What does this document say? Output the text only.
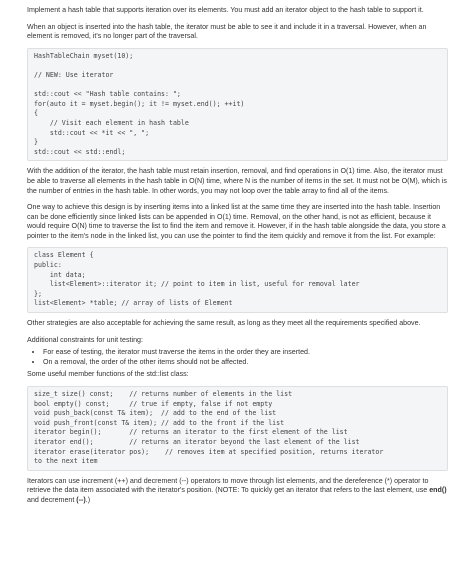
Implement a hash table that supports iteration over its elements. You must add an iterator object to the hash table to support it.

When an object is inserted into the hash table, the iterator must be able to see it and include it in a traversal. However, when an element is removed, it's no longer part of the traversal.

HashTableChain myset(10);
// NEW: Use iterator
std::cout << "Hash table contains: ";
for(auto it = myset.begin(); it != myset.end(); ++it)
{
// Visit each element in hash table
std::cout << *it << ", ";
}
std::cout << std::endl;

With the addition of the iterator, the hash table must retain insertion, removal, and find operations in O(1) time. Also, the iterator must be able to traverse all elements in the hash table in O(N) time, where N is the number of items in the set. It must not be O(M), which is the number of entries in the hash table. In other words, you may not loop over the table array to find all of the items.

One way to achieve this design is by inserting items into a linked list at the same time they are inserted into the hash table. Insertion can be done efficiently since linked lists can be appended in O(1) time. Removal, on the other hand, is not as efficient, because it would require O(N) time to traverse the list to find the item and remove it. However, if in the hash table alongside the data, you store a pointer to the item's node in the linked list, you can use the pointer to find the item quickly and remove it from the list. For example:

class Element {
public:
int data;
list<Element>::iterator it; // point to item in list, useful for removal later
};
list<Element> *table; // array of lists of Element

Other strategies are also acceptable for achieving the same result, as long as they meet all the requirements specified above.

Additional constraints for unit testing:

• For ease of testing, the iterator must traverse the items in the order they are inserted.
• On a removal, the order of the other items should not be affected.

Some useful member functions of the std::list class:

size_t size() const;    // returns number of elements in the list
bool empty() const;     // true if empty, false if not empty
void push_back(const T& item);  // add to the end of the list
void push_front(const T& item); // add to the front if the list
iterator begin();       // returns an iterator to the first element of the list
iterator end();         // returns an iterator beyond the last element of the list
iterator erase(iterator pos);    // removes item at specified position, returns iterator
to the next item

Iterators can use increment (++) and decrement (--) operators to move through list elements, and the dereference (*) operator to retrieve the data item associated with the iterator's position. (NOTE: To quickly get an iterator that refers to the last element, use end() and decrement (--).)
